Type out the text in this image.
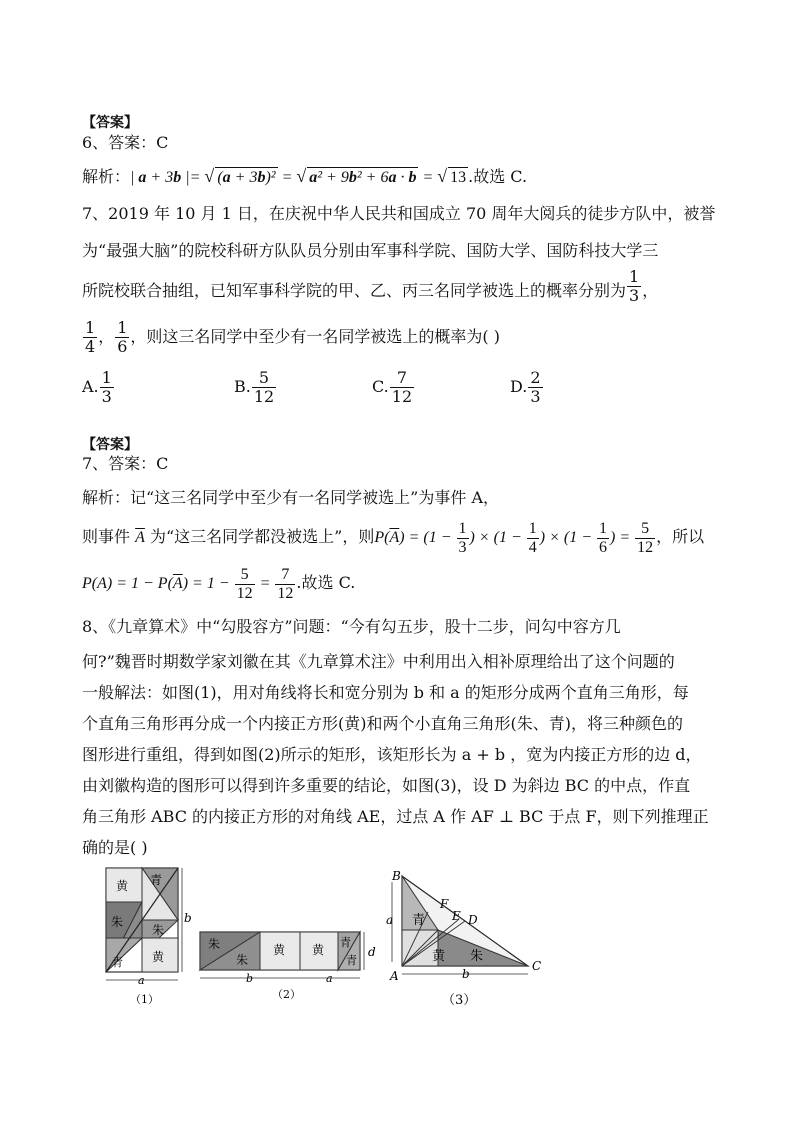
【答案】
6、答案：C
解析：| a + 3b |= √ (a + 3b)² = √ a² + 9b² + 6a · b = √ 13 .故选 C.
7、2019 年 10 月 1 日，在庆祝中华人民共和国成立 70 周年大阅兵的徒步方队中，被誉
为“最强大脑”的院校科研方队队员分别由军事科学院、国防大学、国防科技大学三
所院校联合抽组，已知军事科学院的甲、乙、丙三名同学被选上的概率分别为 $\frac{1}{3}$ ，
$\frac{1}{4}$ ， $\frac{1}{6}$ ，则这三名同学中至少有一名同学被选上的概率为( )
A. $\frac{1}{3}$	B. $\frac{5}{12}$	C. $\frac{7}{12}$	D. $\frac{2}{3}$
【答案】
7、答案：C
解析：记“这三名同学中至少有一名同学被选上”为事件 A，
则事件 $\overline{A}$ 为“这三名同学都没被选上”，则$P(\overline{A}) = (1 - \frac{1}{3}$ ) × ($1 - \frac{1}{4}$ ) × ($1 - \frac{1}{6}$ ) = $\frac{5}{12}$ ，所以
$P(A) = 1 - P(\overline{A}) = 1 - \frac{5}{12} = \frac{7}{12}$ .故选 C.
8、《九章算术》中“勾股容方”问题：“今有勾五步，股十二步，问勾中容方几
何?”魏晋时期数学家刘徽在其《九章算术注》中利用出入相补原理给出了这个问题的
一般解法：如图(1)，用对角线将长和宽分别为 b 和 a 的矩形分成两个直角三角形，每
个直角三角形再分成一个内接正方形(黄)和两个小直角三角形(朱、青)，将三种颜色的
图形进行重组，得到如图(2)所示的矩形，该矩形长为 a + b ，宽为内接正方形的边 d，
由刘徽构造的图形可以得到许多重要的结论，如图(3)，设 D 为斜边 BC 的中点，作直
角三角形 ABC 的内接正方形的对角线 AE，过点 A 作 AF ⊥ BC 于点 F，则下列推理正
确的是( )
黄 青
朱
朱
黄
青
b
a
（1）
朱
朱
黄 黄
青
青
d
b	a
（2）
B
F
E D
A
C
青
黄 朱
a
b
（3）
